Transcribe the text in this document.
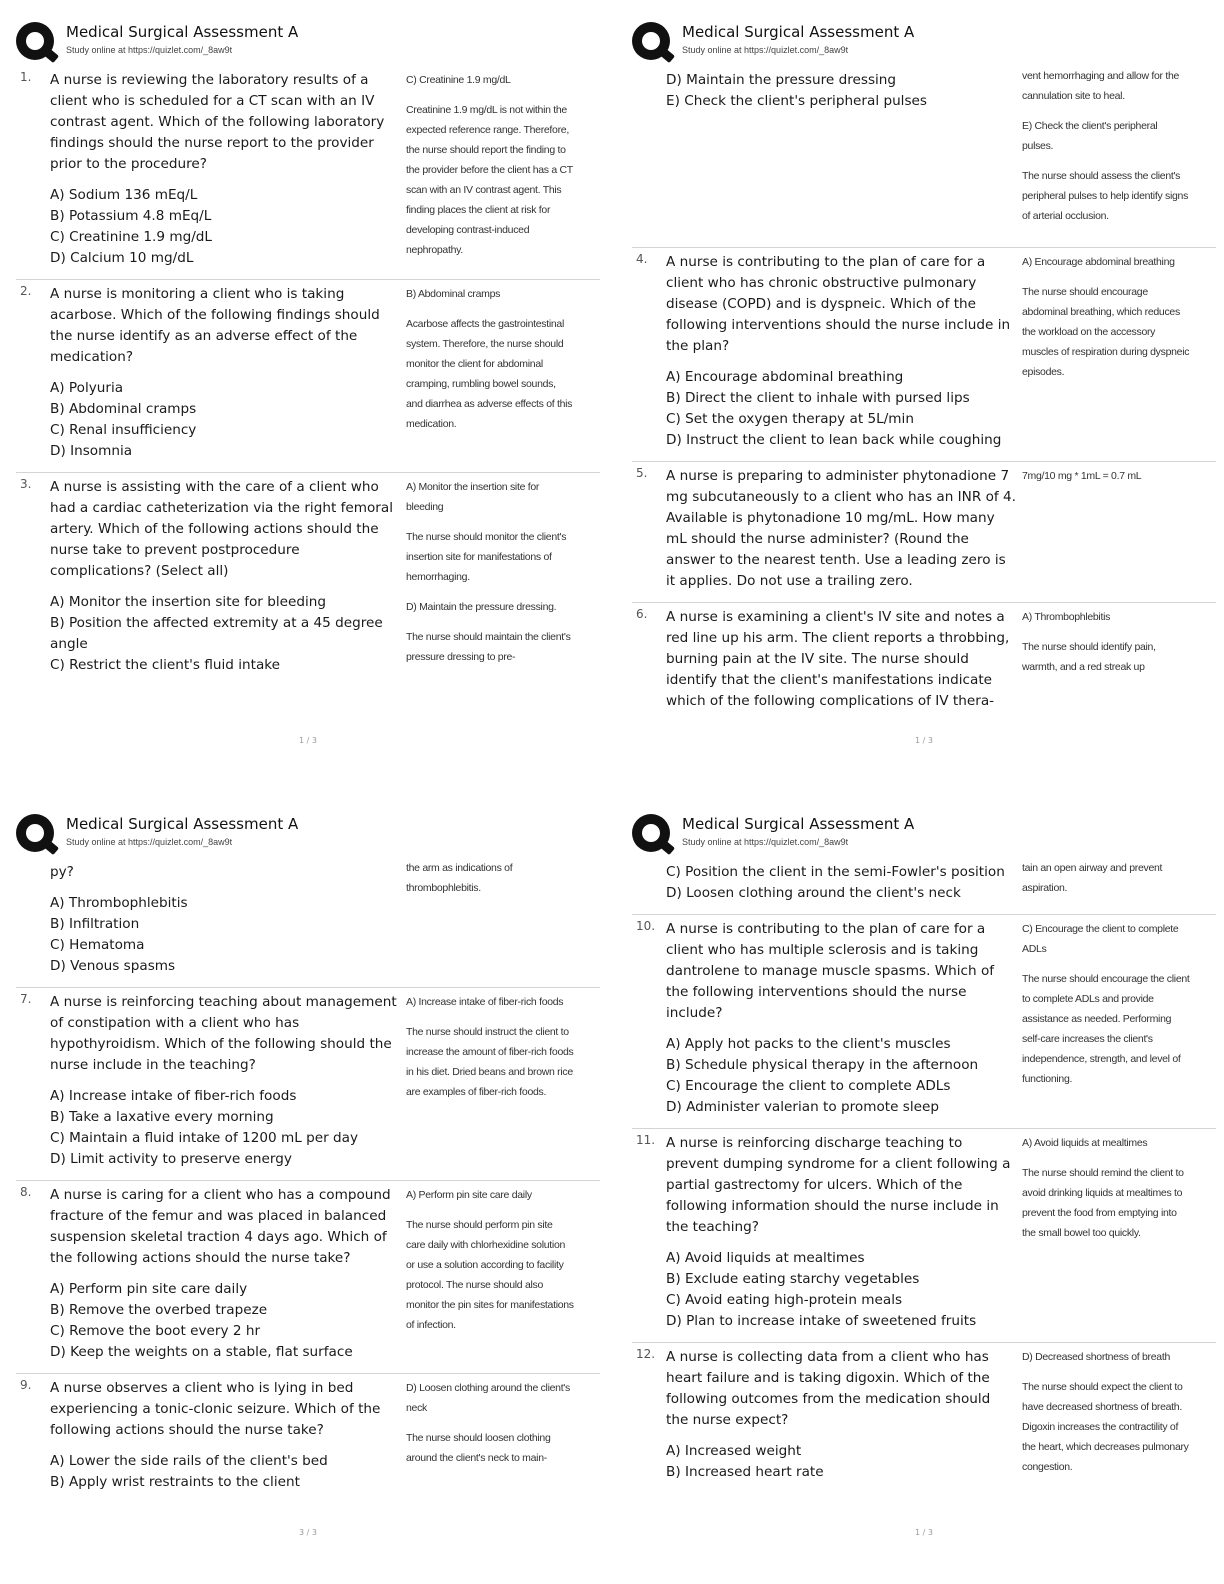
Medical Surgical Assessment A
Study online at https://quizlet.com/_8aw9t
1. A nurse is reviewing the laboratory results of a client who is scheduled for a CT scan with an IV contrast agent. Which of the following laboratory findings should the nurse report to the provider prior to the procedure?

A) Sodium 136 mEq/L

B) Potassium 4.8 mEq/L

C) Creatinine 1.9 mg/dL

D) Calcium 10 mg/dL

C) Creatinine 1.9 mg/dL

Creatinine 1.9 mg/dL is not within the expected reference range. Therefore, the nurse should report the finding to the provider before the client has a CT scan with an IV contrast agent. This finding places the client at risk for developing contrast-induced nephropathy.

2. A nurse is monitoring a client who is taking acarbose. Which of the following findings should the nurse identify as an adverse effect of the medication?

A) Polyuria

B) Abdominal cramps

C) Renal insufficiency

D) Insomnia

B) Abdominal cramps

Acarbose affects the gastrointestinal system. Therefore, the nurse should monitor the client for abdominal cramping, rumbling bowel sounds, and diarrhea as adverse effects of this medication.

3. A nurse is assisting with the care of a client who had a cardiac catheterization via the right femoral artery. Which of the following actions should the nurse take to prevent postprocedure complications? (Select all)

A) Monitor the insertion site for bleeding

B) Position the affected extremity at a 45 degree angle

C) Restrict the client's fluid intake

A) Monitor the insertion site for bleeding

The nurse should monitor the client's insertion site for manifestations of hemorrhaging.

D) Maintain the pressure dressing.

The nurse should maintain the client's pressure dressing to pre-

1 / 3
Medical Surgical Assessment A
Study online at https://quizlet.com/_8aw9t

D) Maintain the pressure dressing

E) Check the client's peripheral pulses

vent hemorrhaging and allow for the cannulation site to heal.

E) Check the client's peripheral pulses.

The nurse should assess the client's peripheral pulses to help identify signs of arterial occlusion.

4. A nurse is contributing to the plan of care for a client who has chronic obstructive pulmonary disease (COPD) and is dyspneic. Which of the following interventions should the nurse include in the plan?

A) Encourage abdominal breathing

B) Direct the client to inhale with pursed lips

C) Set the oxygen therapy at 5L/min

D) Instruct the client to lean back while coughing

A) Encourage abdominal breathing

The nurse should encourage abdominal breathing, which reduces the workload on the accessory muscles of respiration during dyspneic episodes.

5. A nurse is preparing to administer phytonadione 7 mg subcutaneously to a client who has an INR of 4. Available is phytonadione 10 mg/mL. How many mL should the nurse administer? (Round the answer to the nearest tenth. Use a leading zero is it applies. Do not use a trailing zero.

7mg/10 mg * 1mL = 0.7 mL

6. A nurse is examining a client's IV site and notes a red line up his arm. The client reports a throbbing, burning pain at the IV site. The nurse should identify that the client's manifestations indicate which of the following complications of IV thera-

A) Thrombophlebitis

The nurse should identify pain, warmth, and a red streak up

1 / 3
Medical Surgical Assessment A
Study online at https://quizlet.com/_8aw9t

py?

A) Thrombophlebitis

B) Infiltration

C) Hematoma

D) Venous spasms

the arm as indications of thrombophlebitis.

7. A nurse is reinforcing teaching about management of constipation with a client who has hypothyroidism. Which of the following should the nurse include in the teaching?

A) Increase intake of fiber-rich foods

B) Take a laxative every morning

C) Maintain a fluid intake of 1200 mL per day

D) Limit activity to preserve energy

A) Increase intake of fiber-rich foods

The nurse should instruct the client to increase the amount of fiber-rich foods in his diet. Dried beans and brown rice are examples of fiber-rich foods.

8. A nurse is caring for a client who has a compound fracture of the femur and was placed in balanced suspension skeletal traction 4 days ago. Which of the following actions should the nurse take?

A) Perform pin site care daily

B) Remove the overbed trapeze

C) Remove the boot every 2 hr

D) Keep the weights on a stable, flat surface

A) Perform pin site care daily

The nurse should perform pin site care daily with chlorhexidine solution or use a solution according to facility protocol. The nurse should also monitor the pin sites for manifestations of infection.

9. A nurse observes a client who is lying in bed experiencing a tonic-clonic seizure. Which of the following actions should the nurse take?

A) Lower the side rails of the client's bed

B) Apply wrist restraints to the client

D) Loosen clothing around the client's neck

The nurse should loosen clothing around the client's neck to main-

3 / 3
Medical Surgical Assessment A
Study online at https://quizlet.com/_8aw9t

C) Position the client in the semi-Fowler's position

D) Loosen clothing around the client's neck

tain an open airway and prevent aspiration.

10. A nurse is contributing to the plan of care for a client who has multiple sclerosis and is taking dantrolene to manage muscle spasms. Which of the following interventions should the nurse include?

A) Apply hot packs to the client's muscles

B) Schedule physical therapy in the afternoon

C) Encourage the client to complete ADLs

D) Administer valerian to promote sleep

C) Encourage the client to complete ADLs

The nurse should encourage the client to complete ADLs and provide assistance as needed. Performing self-care increases the client's independence, strength, and level of functioning.

11. A nurse is reinforcing discharge teaching to prevent dumping syndrome for a client following a partial gastrectomy for ulcers. Which of the following information should the nurse include in the teaching?

A) Avoid liquids at mealtimes

B) Exclude eating starchy vegetables

C) Avoid eating high-protein meals

D) Plan to increase intake of sweetened fruits

A) Avoid liquids at mealtimes

The nurse should remind the client to avoid drinking liquids at mealtimes to prevent the food from emptying into the small bowel too quickly.

12. A nurse is collecting data from a client who has heart failure and is taking digoxin. Which of the following outcomes from the medication should the nurse expect?

A) Increased weight

B) Increased heart rate

D) Decreased shortness of breath

The nurse should expect the client to have decreased shortness of breath. Digoxin increases the contractility of the heart, which decreases pulmonary congestion.

1 / 3
